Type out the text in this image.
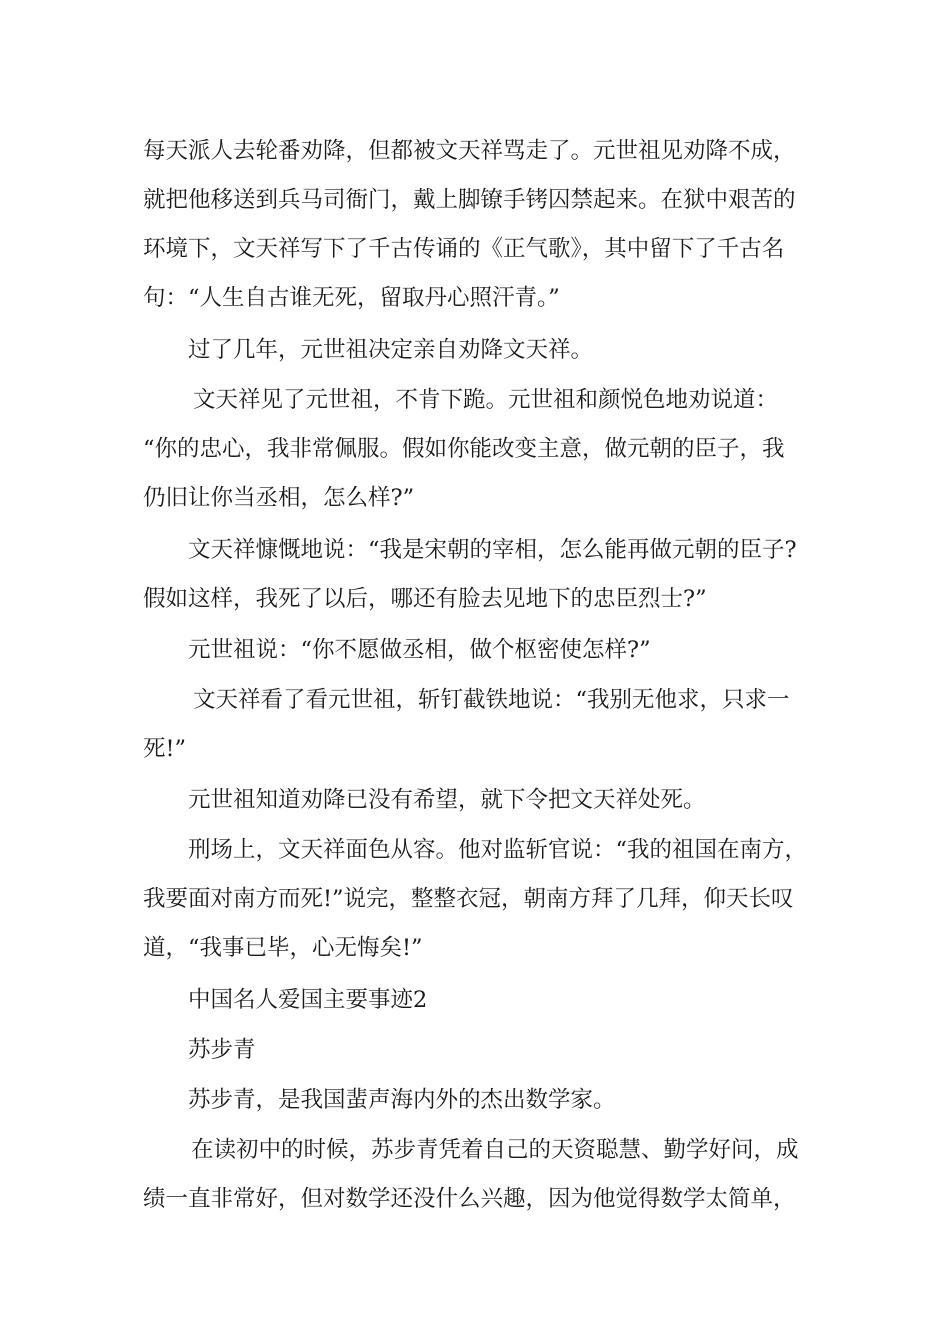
每天派人去轮番劝降，但都被文天祥骂走了。元世祖见劝降不成，
就把他移送到兵马司衙门，戴上脚镣手铐囚禁起来。在狱中艰苦的
环境下，文天祥写下了千古传诵的《正气歌》，其中留下了千古名
句：“人生自古谁无死，留取丹心照汗青。”
过了几年，元世祖决定亲自劝降文天祥。
文天祥见了元世祖，不肯下跪。元世祖和颜悦色地劝说道：
“你的忠心，我非常佩服。假如你能改变主意，做元朝的臣子，我
仍旧让你当丞相，怎么样?”
文天祥慷慨地说：“我是宋朝的宰相，怎么能再做元朝的臣子?
假如这样，我死了以后，哪还有脸去见地下的忠臣烈士?”
元世祖说：“你不愿做丞相，做个枢密使怎样?”
文天祥看了看元世祖，斩钉截铁地说：“我别无他求，只求一
死!”
元世祖知道劝降已没有希望，就下令把文天祥处死。
刑场上，文天祥面色从容。他对监斩官说：“我的祖国在南方，
我要面对南方而死!”说完，整整衣冠，朝南方拜了几拜，仰天长叹
道，“我事已毕，心无悔矣!”
中国名人爱国主要事迹2
苏步青
苏步青，是我国蜚声海内外的杰出数学家。
在读初中的时候，苏步青凭着自己的天资聪慧、勤学好问，成
绩一直非常好，但对数学还没什么兴趣，因为他觉得数学太简单，
